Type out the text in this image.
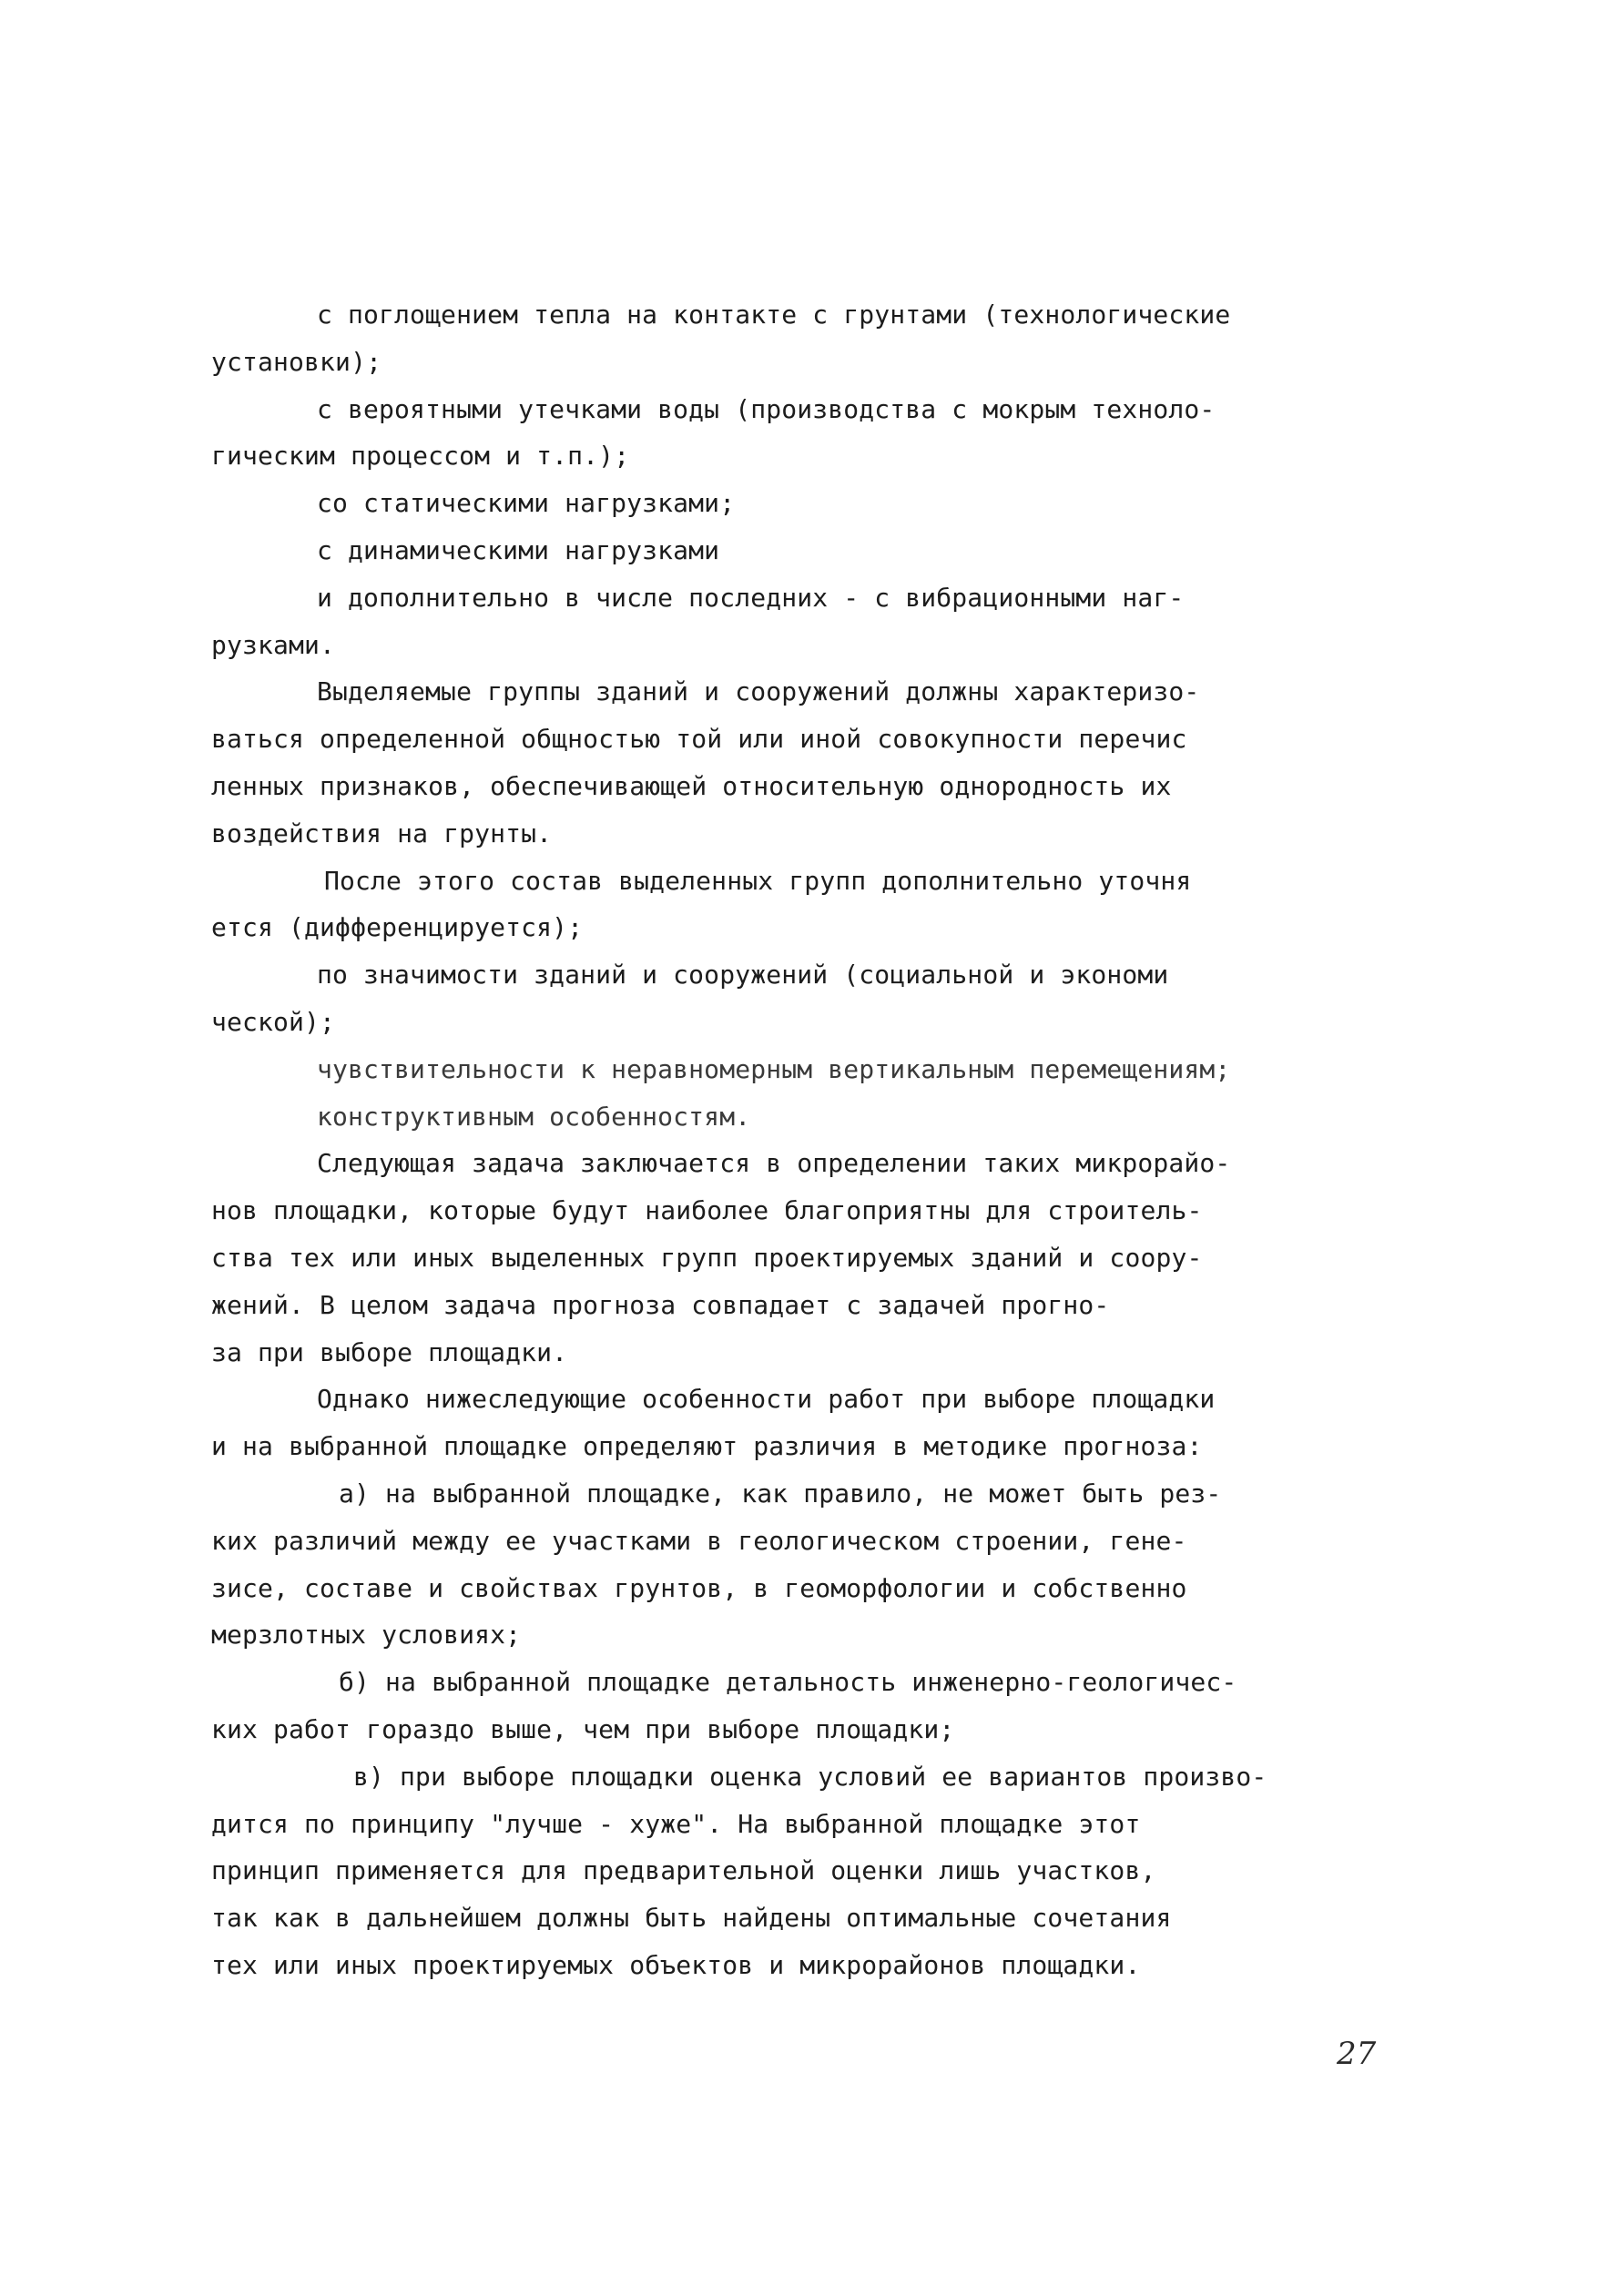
с поглощением тепла на контакте с грунтами (технологические
установки);
с вероятными утечками воды (производства с мокрым техноло-
гическим процессом и т.п.);
со статическими нагрузками;
с динамическими нагрузками
и дополнительно в числе последних - с вибрационными наг-
рузками.
Выделяемые группы зданий и сооружений должны характеризо-
ваться определенной общностью той или иной совокупности перечис
ленных признаков, обеспечивающей относительную однородность их
воздействия на грунты.
После этого состав выделенных групп дополнительно уточня
ется (дифференцируется);
по значимости зданий и сооружений (социальной и экономи
ческой);
чувствительности к неравномерным вертикальным перемещениям;
конструктивным особенностям.
Следующая задача заключается в определении таких микрорайо-
нов площадки, которые будут наиболее благоприятны для строитель-
ства тех или иных выделенных групп проектируемых зданий и соору-
жений. В целом задача прогноза совпадает с задачей прогно-
за при выборе площадки.
Однако нижеследующие особенности работ при выборе площадки
и на выбранной площадке определяют различия в методике прогноза:
а) на выбранной площадке, как правило, не может быть рез-
ких различий между ее участками в геологическом строении, гене-
зисе, составе и свойствах грунтов, в геоморфологии и собственно
мерзлотных условиях;
б) на выбранной площадке детальность инженерно-геологичес-
ких работ гораздо выше, чем при выборе площадки;
в) при выборе площадки оценка условий ее вариантов произво-
дится по принципу "лучше - хуже". На выбранной площадке этот
принцип применяется для предварительной оценки лишь участков,
так как в дальнейшем должны быть найдены оптимальные сочетания
тех или иных проектируемых объектов и микрорайонов площадки.
27
